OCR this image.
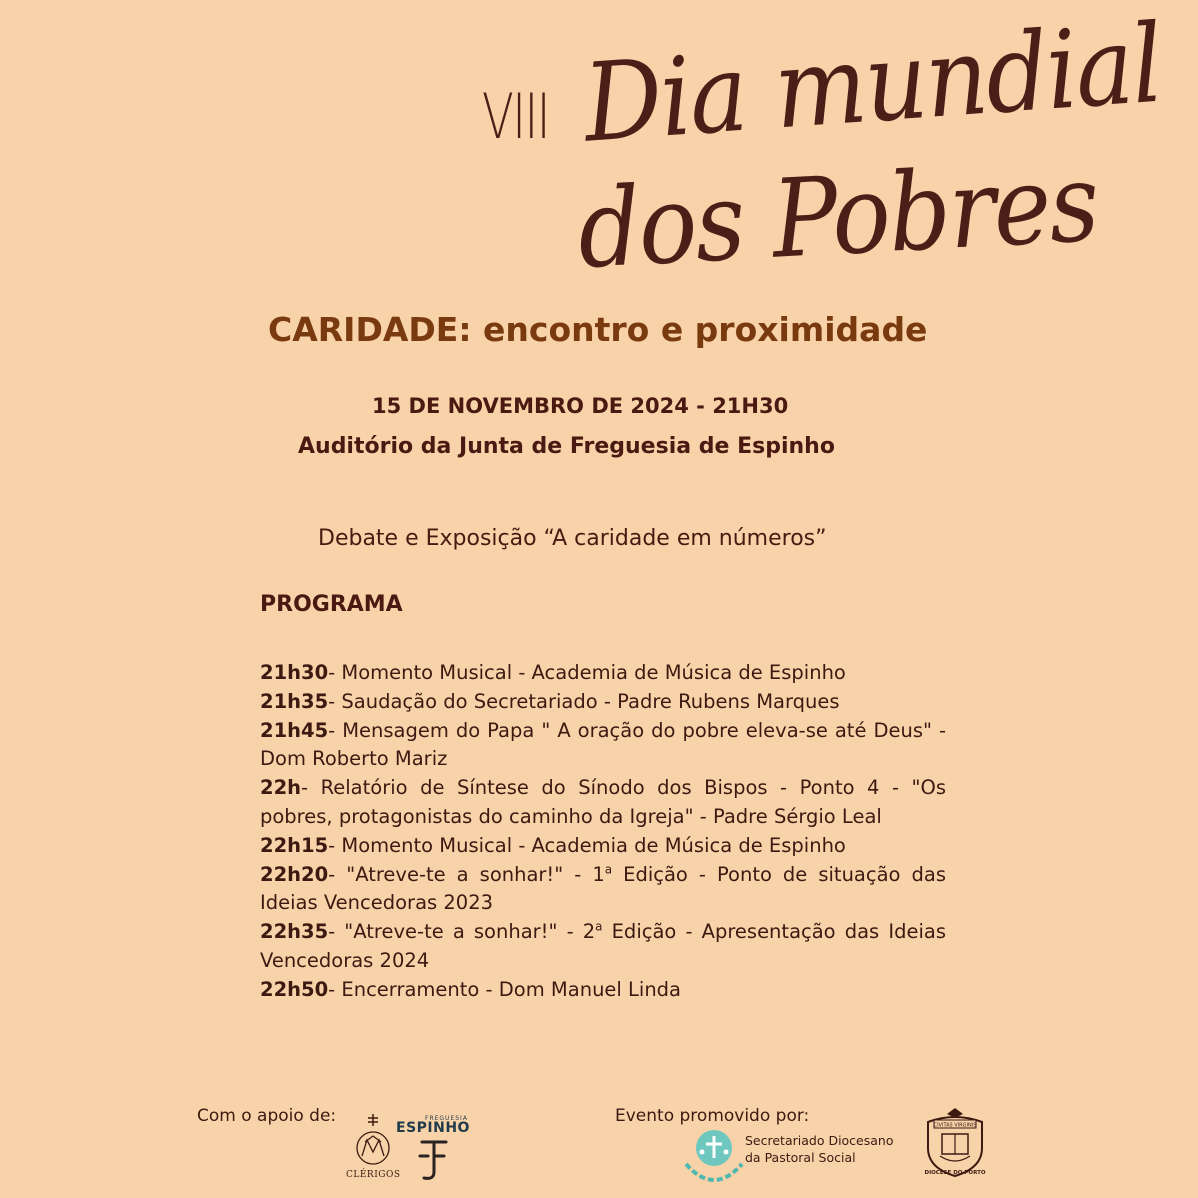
VIII Dia mundial
dos Pobres
CARIDADE: encontro e proximidade
15 DE NOVEMBRO DE 2024 - 21H30
Auditório da Junta de Freguesia de Espinho
Debate e Exposição “A caridade em números”
PROGRAMA
21h30- Momento Musical - Academia de Música de Espinho
21h35- Saudação do Secretariado - Padre Rubens Marques
21h45- Mensagem do Papa " A oração do pobre eleva-se até Deus" - Dom Roberto Mariz
22h- Relatório de Síntese do Sínodo dos Bispos - Ponto 4 - "Os pobres, protagonistas do caminho da Igreja" - Padre Sérgio Leal
22h15- Momento Musical - Academia de Música de Espinho
22h20- "Atreve-te a sonhar!" - 1$^a$ Edição - Ponto de situação das Ideias Vencedoras 2023
22h35- "Atreve-te a sonhar!" - 2$^a$ Edição - Apresentação das Ideias Vencedoras 2024
22h50- Encerramento - Dom Manuel Linda
Com o apoio de:	Evento promovido por:
CLÉRIGOS
FREGUESIA
ESPINHO
Secretariado Diocesano
da Pastoral Social
CIVITAS VIRGINIS
DIOCESE DO PORTO
